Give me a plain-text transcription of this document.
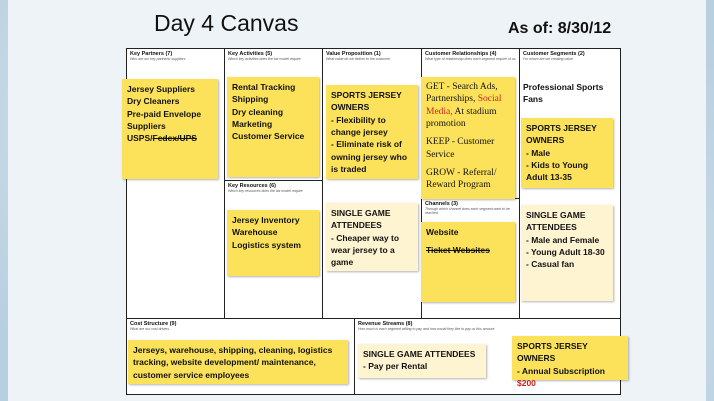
Day 4 Canvas	As of: 8/30/12
Key Partners (7)
Who are our key partners/ suppliers
Key Activities (5)
Which key activities does the biz model require
Key Resources (6)
Which key resources does the biz model require
Value Proposition (1)
What value do we deliver to the customer
Customer Relationships (4)
What type of relationship does each segment require of us
Channels (3)
Through which channel does each segment want to be reached
Customer Segments (2)
For whom are we creating value
Cost Structure (9)
What are our cost drivers
Revenue Streams (8)
How much is each segment willing to pay and how would they like to pay us this amount
Jersey Suppliers
Dry Cleaners
Pre-paid Envelope Suppliers
USPS/Fedex/UPS
Rental Tracking
Shipping
Dry cleaning
Marketing
Customer Service
Jersey Inventory
Warehouse
Logistics system
SPORTS JERSEY OWNERS
- Flexibility to change jersey
- Eliminate risk of owning jersey who is traded
SINGLE GAME ATTENDEES
- Cheaper way to wear jersey to a game
GET - Search Ads, Partnerships, Social Media, At stadium promotion
KEEP - Customer Service
GROW - Referral/ Reward Program
Website
Ticket Websites
Professional Sports Fans
SPORTS JERSEY OWNERS
- Male
- Kids to Young Adult 13-35
SINGLE GAME ATTENDEES
- Male and Female
- Young Adult 18-30
- Casual fan
Jerseys, warehouse, shipping, cleaning, logistics tracking, website development/ maintenance, customer service employees
SINGLE GAME ATTENDEES
- Pay per Rental
SPORTS JERSEY OWNERS
- Annual Subscription
$200
